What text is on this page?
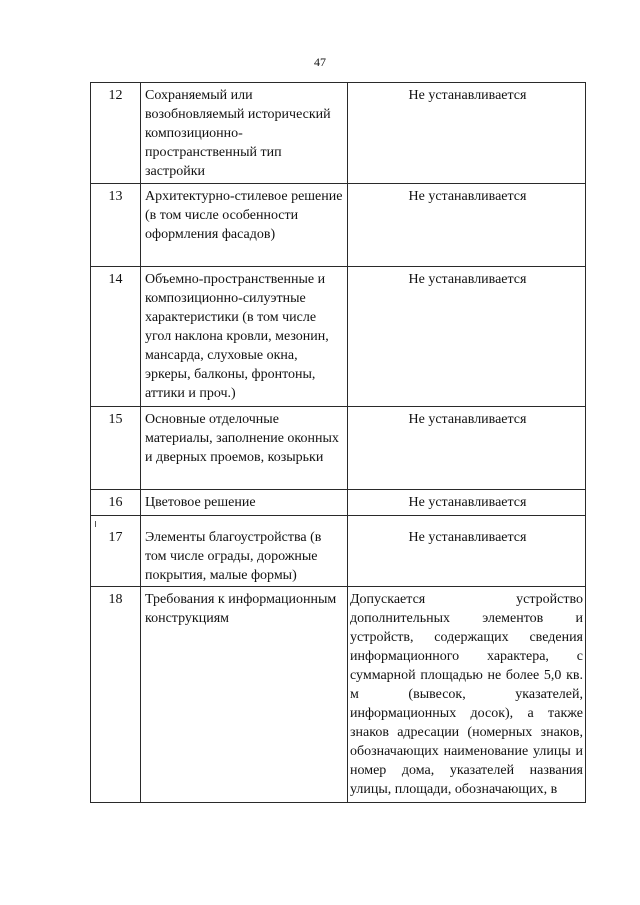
47
12	Сохраняемый или возобновляемый исторический композиционно-пространственный тип застройки	Не устанавливается
13	Архитектурно-стилевое решение (в том числе особенности оформления фасадов)	Не устанавливается
14	Объемно-пространственные и композиционно-силуэтные характеристики (в том числе угол наклона кровли, мезонин, мансарда, слуховые окна, эркеры, балконы, фронтоны, аттики и проч.)	Не устанавливается
15	Основные отделочные материалы, заполнение оконных и дверных проемов, козырьки	Не устанавливается
16	Цветовое решение	Не устанавливается
17	Элементы благоустройства (в том числе ограды, дорожные покрытия, малые формы)	Не устанавливается
18	Требования к информационным конструкциям	Допускается устройство дополнительных элементов и устройств, содержащих сведения информационного характера, с суммарной площадью не более 5,0 кв. м (вывесок, указателей, информационных досок), а также знаков адресации (номерных знаков, обозначающих наименование улицы и номер дома, указателей названия улицы, площади, обозначающих, в
